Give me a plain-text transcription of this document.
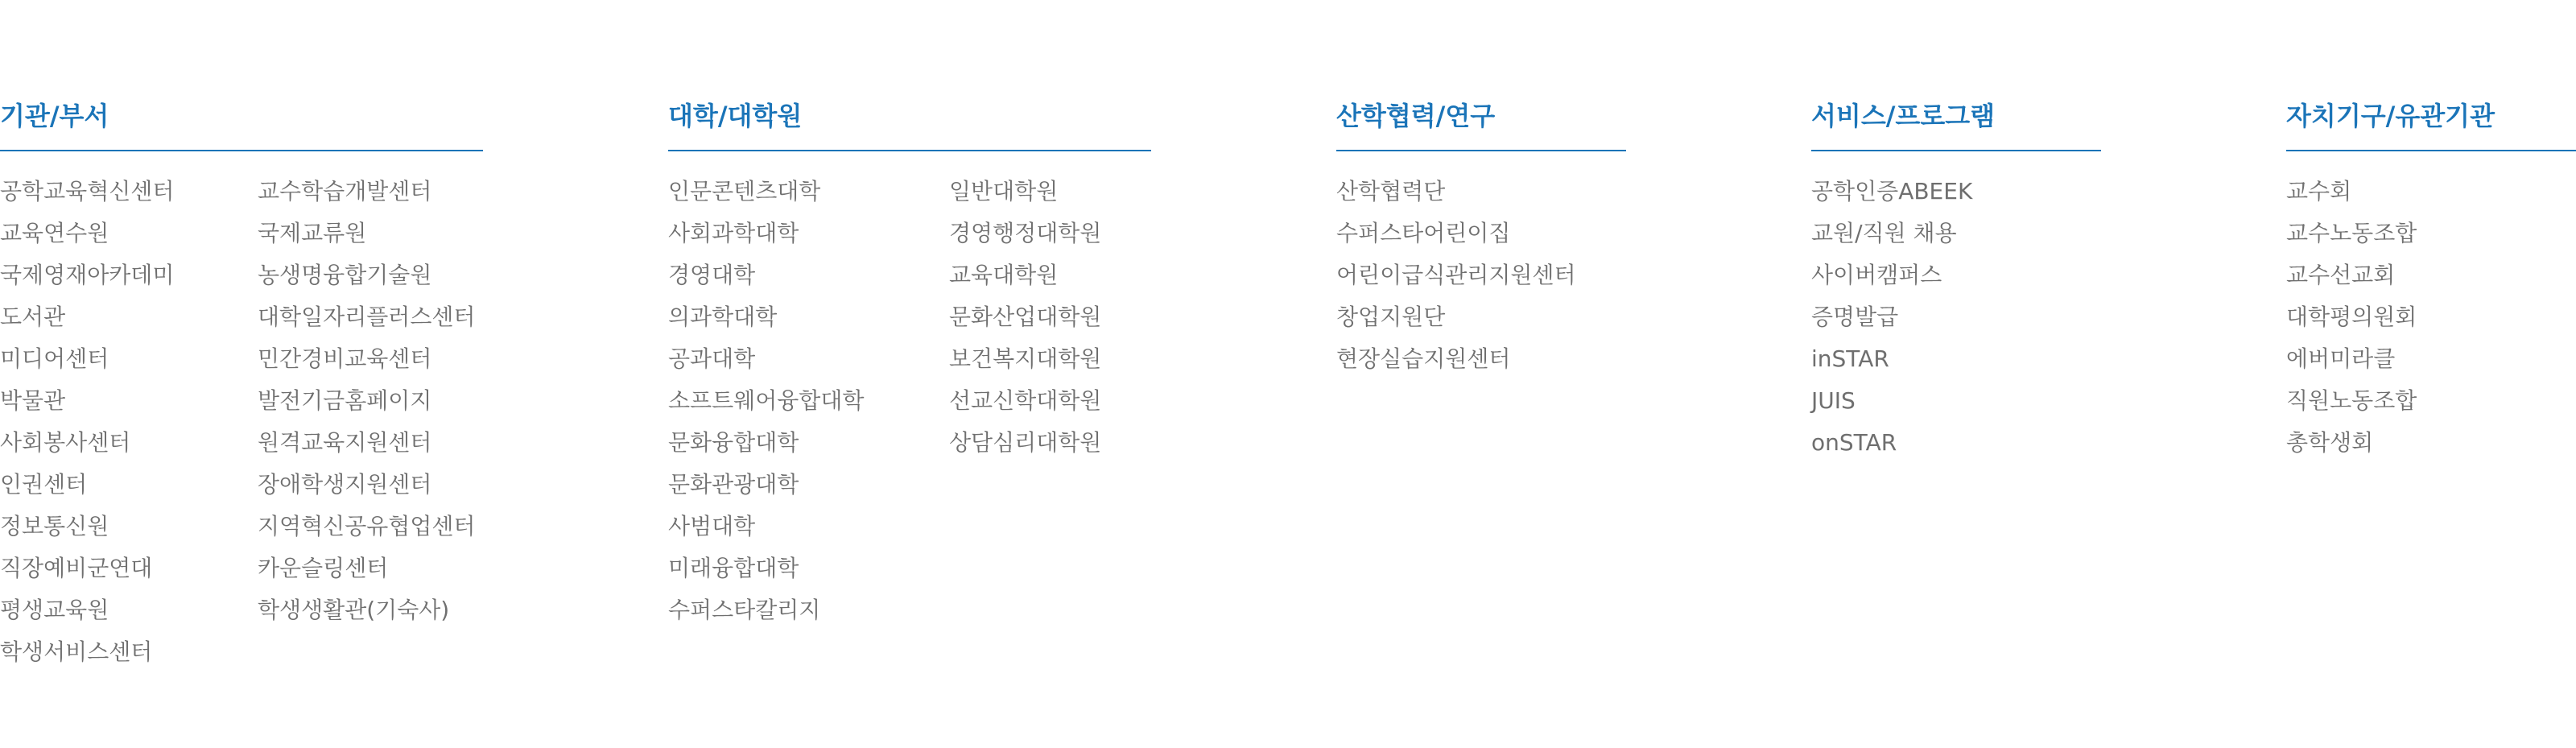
기관/부서
공학교육혁신센터
교육연수원
국제영재아카데미
도서관
미디어센터
박물관
사회봉사센터
인권센터
정보통신원
직장예비군연대
평생교육원
학생서비스센터
교수학습개발센터
국제교류원
농생명융합기술원
대학일자리플러스센터
민간경비교육센터
발전기금홈페이지
원격교육지원센터
장애학생지원센터
지역혁신공유협업센터
카운슬링센터
학생생활관(기숙사)
대학/대학원
인문콘텐츠대학
사회과학대학
경영대학
의과학대학
공과대학
소프트웨어융합대학
문화융합대학
문화관광대학
사범대학
미래융합대학
수퍼스타칼리지
일반대학원
경영행정대학원
교육대학원
문화산업대학원
보건복지대학원
선교신학대학원
상담심리대학원
산학협력/연구
산학협력단
수퍼스타어린이집
어린이급식관리지원센터
창업지원단
현장실습지원센터
서비스/프로그램
공학인증ABEEK
교원/직원 채용
사이버캠퍼스
증명발급
inSTAR
JUIS
onSTAR
자치기구/유관기관
교수회
교수노동조합
교수선교회
대학평의원회
에버미라클
직원노동조합
총학생회
